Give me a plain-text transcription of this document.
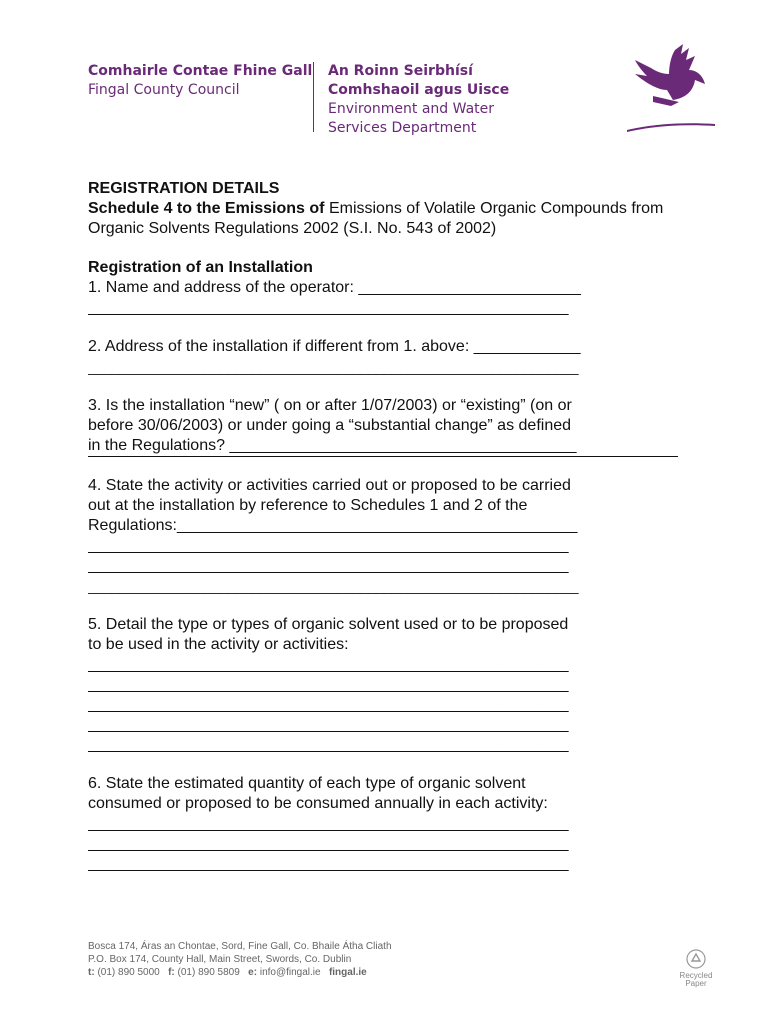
Comhairle Contae Fhine Gall
Fingal County Council
An Roinn Seirbhísí
Comhshaoil agus Uisce
Environment and Water
Services Department

REGISTRATION DETAILS

Schedule 4 to the Emissions of Emissions of Volatile Organic Compounds from Organic Solvents Regulations 2002 (S.I. No. 543 of 2002)

Registration of an Installation

1. Name and address of the operator: _________________________

______________________________________________________

2. Address of the installation if different from 1. above: ____________

_______________________________________________________________

3. Is the installation “new” ( on or after 1/07/2003) or “existing” (on or

before 30/06/2003) or under going a “substantial change” as defined

in the Regulations? _______________________________________

4. State the activity or activities carried out or proposed to be carried

out at the installation by reference to Schedules 1 and 2 of the

Regulations:_____________________________________________

______________________________________________________

______________________________________________________

_______________________________________________________________

5. Detail the type or types of organic solvent used or to be proposed

to be used in the activity or activities:

______________________________________________________

______________________________________________________

______________________________________________________

______________________________________________________

______________________________________________________

6. State the estimated quantity of each type of organic solvent

consumed or proposed to be consumed annually in each activity:

______________________________________________________

______________________________________________________

______________________________________________________

Bosca 174, Áras an Chontae, Sord, Fine Gall, Co. Bhaile Átha Cliath
P.O. Box 174, County Hall, Main Street, Swords, Co. Dublin
t: (01) 890 5000 f: (01) 890 5809 e: info@fingal.ie fingal.ie	Recycled
Paper
